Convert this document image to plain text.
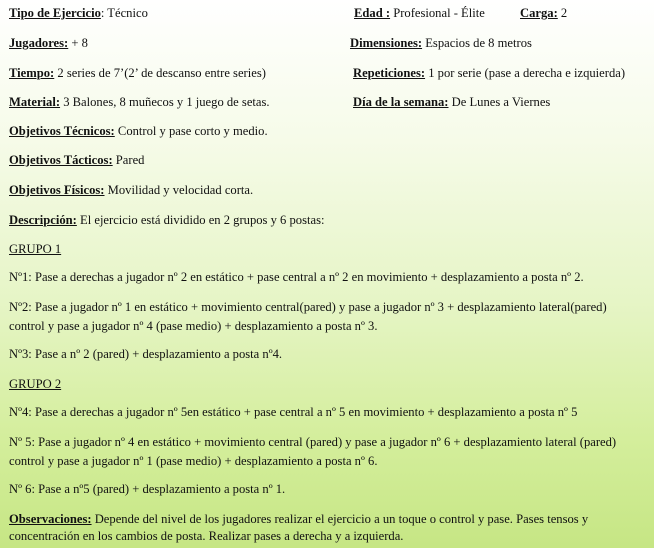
Tipo de Ejercicio: Técnico	Edad : Profesional - Élite	Carga: 2
Jugadores: + 8	Dimensiones: Espacios de 8 metros
Tiempo: 2 series de 7’(2’ de descanso entre series)	Repeticiones: 1 por serie (pase a derecha e izquierda)
Material: 3 Balones, 8 muñecos y 1 juego de setas.	Día de la semana: De Lunes a Viernes
Objetivos Técnicos: Control y pase corto y medio.
Objetivos Tácticos: Pared
Objetivos Físicos: Movilidad y velocidad corta.
Descripción: El ejercicio está dividido en 2 grupos y 6 postas:
GRUPO 1
Nº1: Pase a derechas a jugador nº 2 en estático + pase central a nº 2 en movimiento + desplazamiento a posta nº 2.
Nº2: Pase a jugador nº 1 en estático + movimiento central(pared) y pase a jugador nº 3 + desplazamiento lateral(pared) control y pase a jugador nº 4 (pase medio) + desplazamiento a posta nº 3.
Nº3: Pase a nº 2 (pared) + desplazamiento a posta nº4.
GRUPO 2
Nº4: Pase a derechas a jugador nº 5en estático + pase central a nº 5 en movimiento + desplazamiento a posta nº 5
Nº 5: Pase a jugador nº 4 en estático + movimiento central (pared) y pase a jugador nº 6 + desplazamiento lateral (pared) control y pase a jugador nº 1 (pase medio) + desplazamiento a posta nº 6.
Nº 6: Pase a nº5 (pared) + desplazamiento a posta nº 1.
Observaciones: Depende del nivel de los jugadores realizar el ejercicio a un toque o control y pase. Pases tensos y concentración en los cambios de posta. Realizar pases a derecha y a izquierda.
